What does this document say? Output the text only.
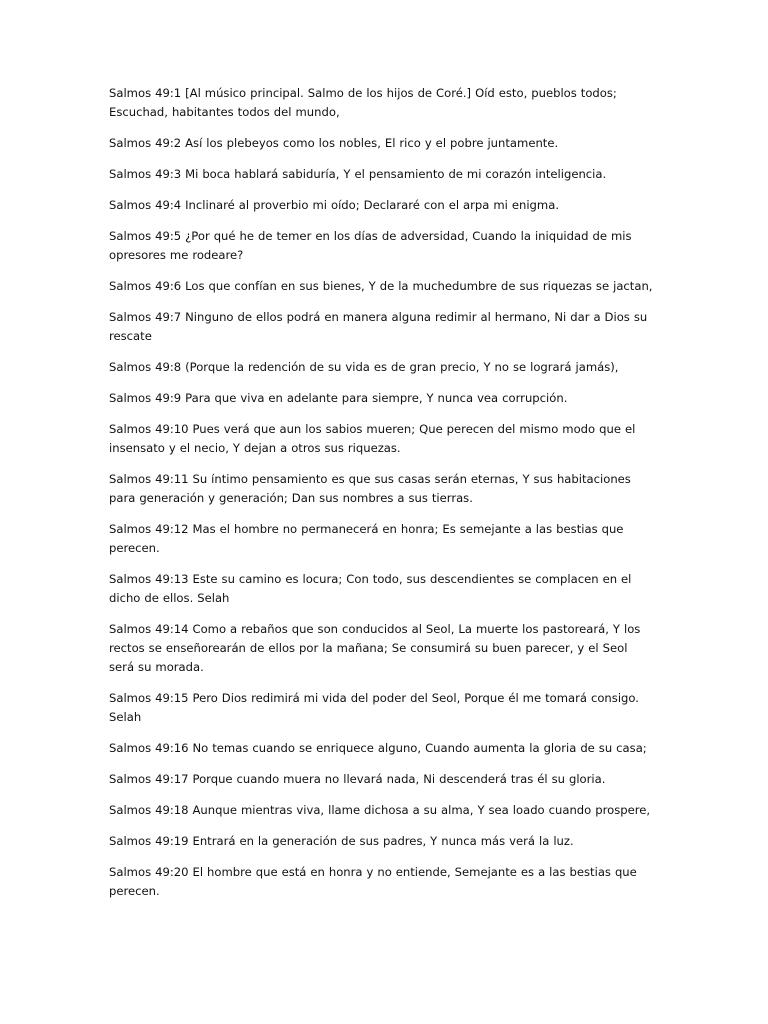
Salmos 49:1 [Al músico principal. Salmo de los hijos de Coré.] Oíd esto, pueblos todos; Escuchad, habitantes todos del mundo,

Salmos 49:2 Así los plebeyos como los nobles, El rico y el pobre juntamente.

Salmos 49:3 Mi boca hablará sabiduría, Y el pensamiento de mi corazón inteligencia.

Salmos 49:4 Inclinaré al proverbio mi oído; Declararé con el arpa mi enigma.

Salmos 49:5 ¿Por qué he de temer en los días de adversidad, Cuando la iniquidad de mis opresores me rodeare?

Salmos 49:6 Los que confían en sus bienes, Y de la muchedumbre de sus riquezas se jactan,

Salmos 49:7 Ninguno de ellos podrá en manera alguna redimir al hermano, Ni dar a Dios su rescate

Salmos 49:8 (Porque la redención de su vida es de gran precio, Y no se logrará jamás),

Salmos 49:9 Para que viva en adelante para siempre, Y nunca vea corrupción.

Salmos 49:10 Pues verá que aun los sabios mueren; Que perecen del mismo modo que el insensato y el necio, Y dejan a otros sus riquezas.

Salmos 49:11 Su íntimo pensamiento es que sus casas serán eternas, Y sus habitaciones para generación y generación; Dan sus nombres a sus tierras.

Salmos 49:12 Mas el hombre no permanecerá en honra; Es semejante a las bestias que perecen.

Salmos 49:13 Este su camino es locura; Con todo, sus descendientes se complacen en el dicho de ellos. Selah

Salmos 49:14 Como a rebaños que son conducidos al Seol, La muerte los pastoreará, Y los rectos se enseñorearán de ellos por la mañana; Se consumirá su buen parecer, y el Seol será su morada.

Salmos 49:15 Pero Dios redimirá mi vida del poder del Seol, Porque él me tomará consigo. Selah

Salmos 49:16 No temas cuando se enriquece alguno, Cuando aumenta la gloria de su casa;

Salmos 49:17 Porque cuando muera no llevará nada, Ni descenderá tras él su gloria.

Salmos 49:18 Aunque mientras viva, llame dichosa a su alma, Y sea loado cuando prospere,

Salmos 49:19 Entrará en la generación de sus padres, Y nunca más verá la luz.

Salmos 49:20 El hombre que está en honra y no entiende, Semejante es a las bestias que perecen.
